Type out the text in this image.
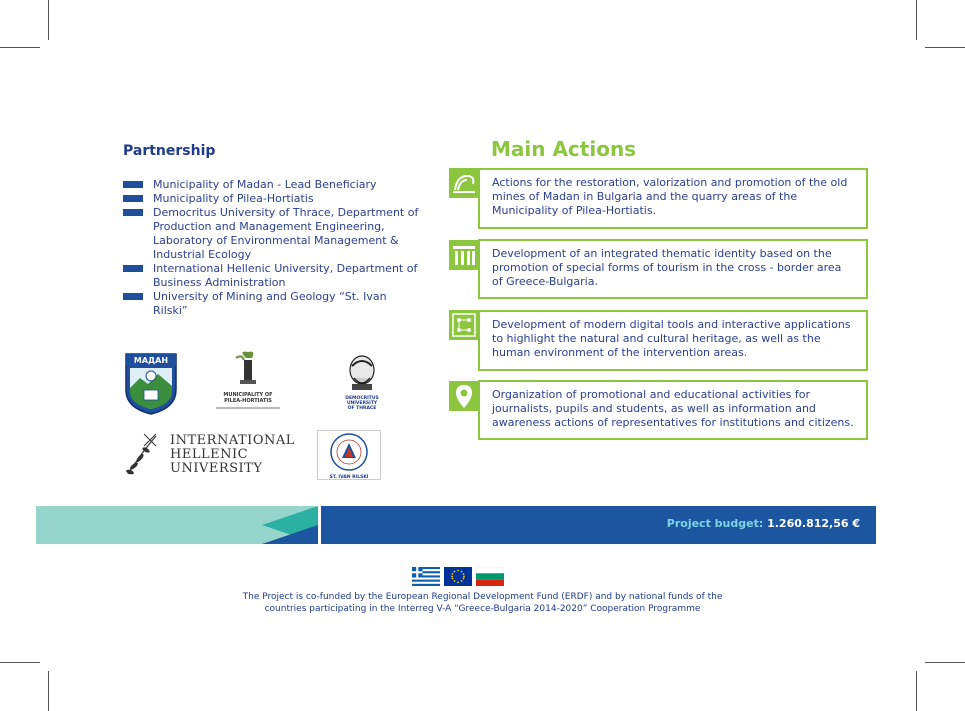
Partnership
Municipality of Madan - Lead Beneficiary
Municipality of Pilea-Hortiatis
Democritus University of Thrace, Department of Production and Management Engineering, Laboratory of Environmental Management & Industrial Ecology
International Hellenic University, Department of Business Administration
University of Mining and Geology “St. Ivan Rilski”
МАДАН
MUNICIPALITY OF
PILEA-HORTIATIS	DEMOCRITUS
UNIVERSITY
OF THRACE
INTERNATIONAL
HELLENIC
UNIVERSITY
ST. IVAN RILSKI
Main Actions

Actions for the restoration, valorization and promotion of the old mines of Madan in Bulgaria and the quarry areas of the Municipality of Pilea-Hortiatis.

Development of an integrated thematic identity based on the promotion of special forms of tourism in the cross - border area of Greece-Bulgaria.

Development of modern digital tools and interactive applications to highlight the natural and cultural heritage, as well as the human environment of the intervention areas.

Organization of promotional and educational activities for journalists, pupils and students, as well as information and awareness actions of representatives for institutions and citizens.

Project budget: 1.260.812,56 €

The Project is co-funded by the European Regional Development Fund (ERDF) and by national funds of the
countries participating in the Interreg V-A “Greece-Bulgaria 2014-2020” Cooperation Programme
